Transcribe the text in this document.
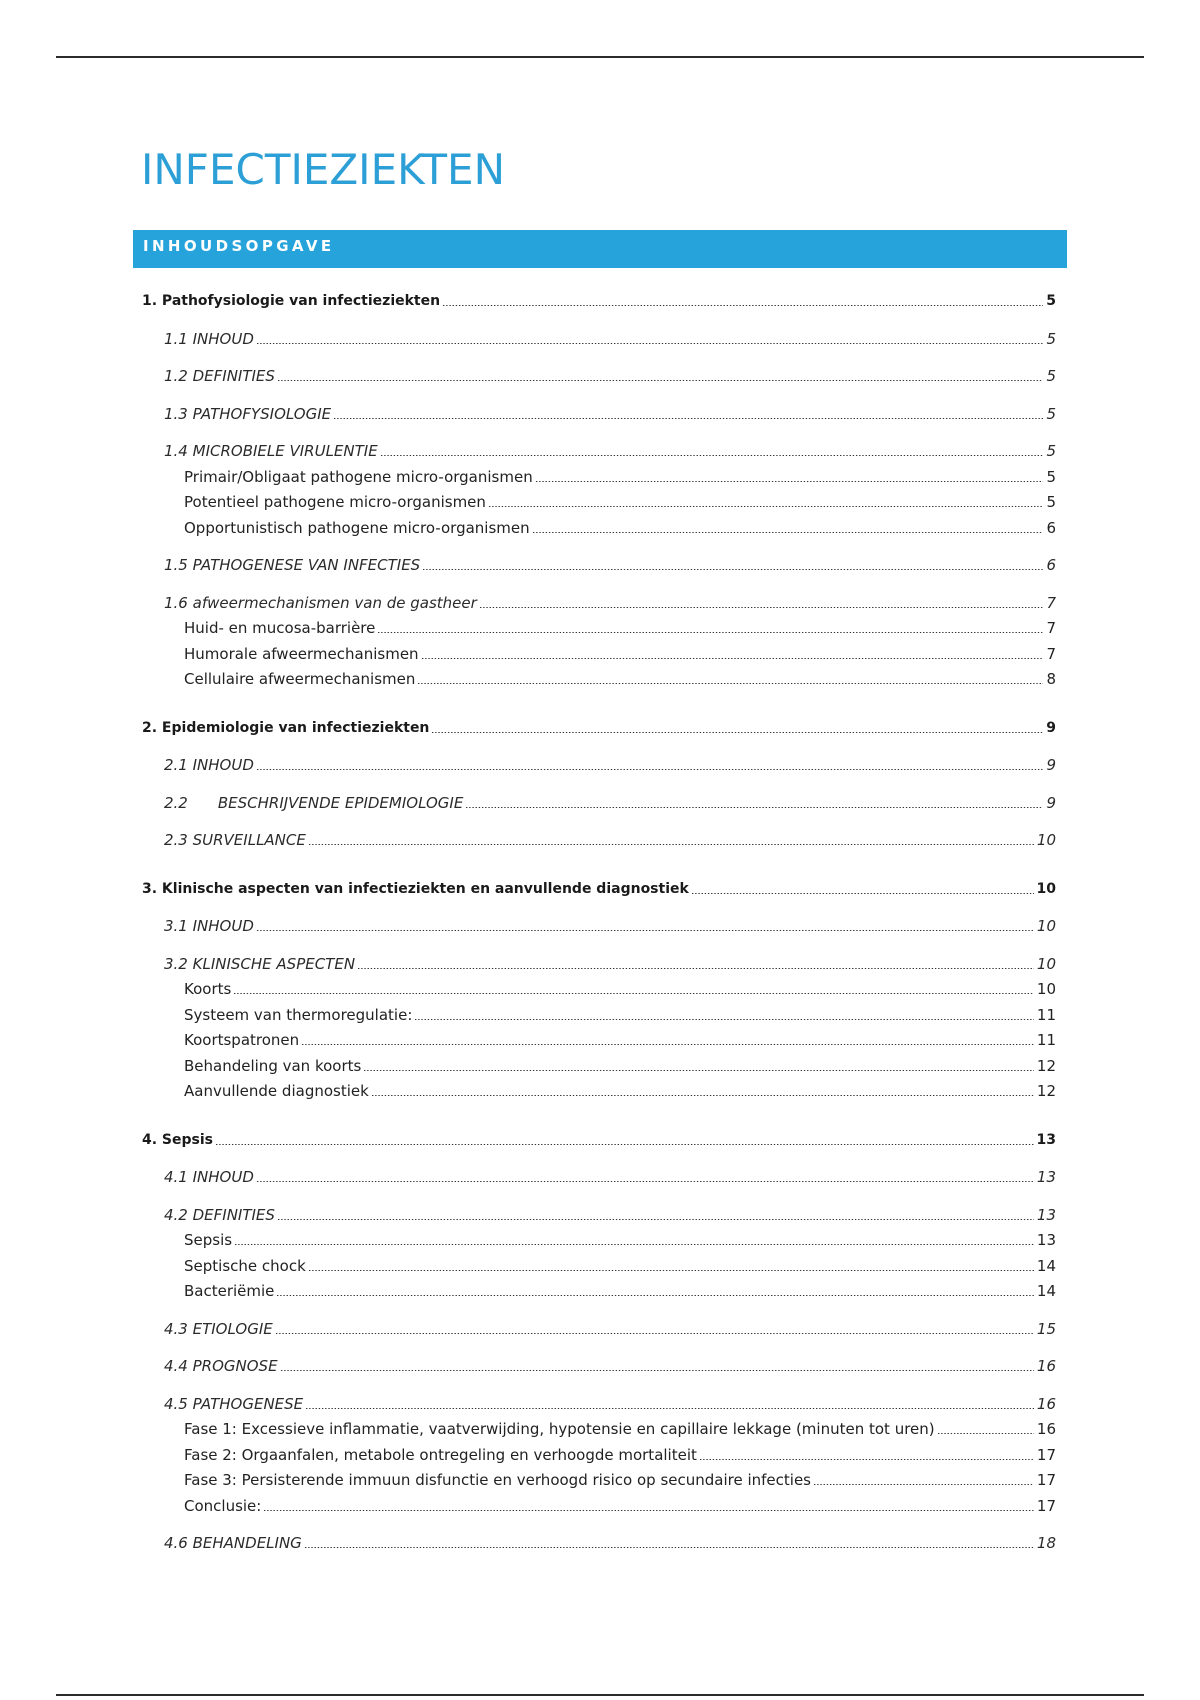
INFECTIEZIEKTEN
INHOUDSOPGAVE
1. Pathofysiologie van infectieziekten	5
1.1 INHOUD	5
1.2 DEFINITIES	5
1.3 PATHOFYSIOLOGIE	5
1.4 MICROBIELE VIRULENTIE	5
Primair/Obligaat pathogene micro-organismen	5
Potentieel pathogene micro-organismen	5
Opportunistisch pathogene micro-organismen	6
1.5 PATHOGENESE VAN INFECTIES	6
1.6 afweermechanismen van de gastheer	7
Huid- en mucosa-barrière	7
Humorale afweermechanismen	7
Cellulaire afweermechanismen	8
2. Epidemiologie van infectieziekten	9
2.1 INHOUD	9
2.2 BESCHRIJVENDE EPIDEMIOLOGIE	9
2.3 SURVEILLANCE	10
3. Klinische aspecten van infectieziekten en aanvullende diagnostiek	10
3.1 INHOUD	10
3.2 KLINISCHE ASPECTEN	10
Koorts	10
Systeem van thermoregulatie:	11
Koortspatronen	11
Behandeling van koorts	12
Aanvullende diagnostiek	12
4. Sepsis	13
4.1 INHOUD	13
4.2 DEFINITIES	13
Sepsis	13
Septische chock	14
Bacteriëmie	14
4.3 ETIOLOGIE	15
4.4 PROGNOSE	16
4.5 PATHOGENESE	16
Fase 1: Excessieve inflammatie, vaatverwijding, hypotensie en capillaire lekkage (minuten tot uren)	16
Fase 2: Orgaanfalen, metabole ontregeling en verhoogde mortaliteit	17
Fase 3: Persisterende immuun disfunctie en verhoogd risico op secundaire infecties	17
Conclusie:	17
4.6 BEHANDELING	18
